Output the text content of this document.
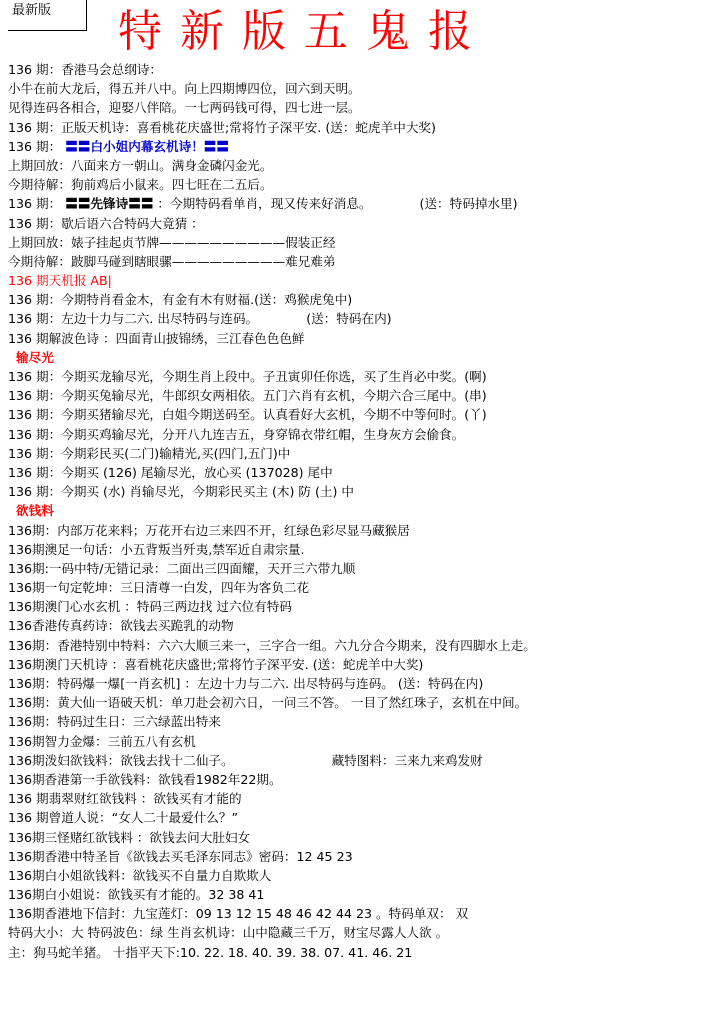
最新版	特新版五鬼报
136 期：香港马会总纲诗：
小牛在前大龙后，得五并八中。向上四期博四位，回六到天明。
见得连码各相合，迎娶八伴陪。一七两码钱可得，四七进一层。
136 期：正版天机诗：喜看桃花庆盛世;常将竹子深平安. (送：蛇虎羊中大奖)
136 期： 〓〓白小姐内幕玄机诗！〓〓
上期回放：八面来方一朝山。满身金磷闪金光。
今期待解：狗前鸡后小鼠来。四七旺在二五后。
136 期： 〓〓先锋诗〓〓 ：今期特码看单肖，现又传来好消息。	(送：特码掉水里)
136 期：歇后语六合特码大竟猜 ：
上期回放：婊子挂起贞节牌——————————假装正经
今期待解：跛脚马碰到瞎眼骡—————————难兄难弟
136 期天机报 AB|
136 期：今期特肖看金木，有金有木有财福.(送：鸡猴虎兔中)
136 期：左边十力与二六. 出尽特码与连码。	(送：特码在内)
136 期解波色诗 ：四面青山披锦绣，三江春色色色鲜
输尽光
136 期：今期买龙输尽光，今期生肖上段中。子丑寅卯任你选，买了生肖必中奖。(啊)
136 期：今期买兔输尽光，牛郎织女两相依。五门六肖有玄机，今期六合三尾中。(串)
136 期：今期买猪输尽光，白姐今期送码至。认真看好大玄机，今期不中等何时。(丫)
136 期：今期买鸡输尽光，分开八九连吉五，身穿锦衣带红帽，生身灰方会偷食。
136 期：今期彩民买(二门)输精光,买(四门,五门)中
136 期：今期买 (126) 尾输尽光，放心买 (137028) 尾中
136 期：今期买 (水) 肖输尽光，今期彩民买主 (木) 防 (土) 中
欲钱料
136期：内部万花来料；万花开右边三来四不开，红绿色彩尽显马藏猴居
136期澳足一句话：小五背叛当歼夷,禁军近自肃宗量.
136期:一码中特/无错记录：二面出三四面耀，天开三六带九顺
136期一句定乾坤：三日清尊一白发，四年为客负二花
136期澳门心水玄机 ：特码三两边找 过六位有特码
136香港传真药诗：欲钱去买跪乳的动物
136期：香港特别中特料：六六大顺三来一，三字合一组。六九分合今期来，没有四脚水上走。
136期澳门天机诗 ：喜看桃花庆盛世;常将竹子深平安. (送：蛇虎羊中大奖)
136期：特码爆一爆[一肖玄机] ：左边十力与二六. 出尽特码与连码。 (送：特码在内)
136期：黄大仙一语破天机：单刀赴会初六日，一问三不答。 一目了然红珠子，玄机在中间。
136期：特码过生日：三六绿蓝出特来
136期智力金爆：三前五八有玄机
136期泼妇欲钱料：欲钱去找十二仙子。	藏特图料：三来九来鸡发财
136期香港第一手欲钱料：欲钱看1982年22期。
136 期翡翠财红欲钱料 ：欲钱买有才能的
136 期曾道人说：“女人二十最爱什么？”
136期三怪赌红欲钱料 ：欲钱去问大肚妇女
136期香港中特圣旨《欲钱去买毛泽东同志》密码：12 45 23
136期白小姐欲钱料：欲钱买不自量力自欺欺人
136期白小姐说：欲钱买有才能的。32 38 41
136期香港地下信封：九宝莲灯：09 13 12 15 48 46 42 44 23 。特码单双： 双
特码大小：大 特码波色：绿 生肖玄机诗：山中隐藏三千万，财宝尽露人人欲 。
主：狗马蛇羊猪。 十指平天下:10. 22. 18. 40. 39. 38. 07. 41. 46. 21
